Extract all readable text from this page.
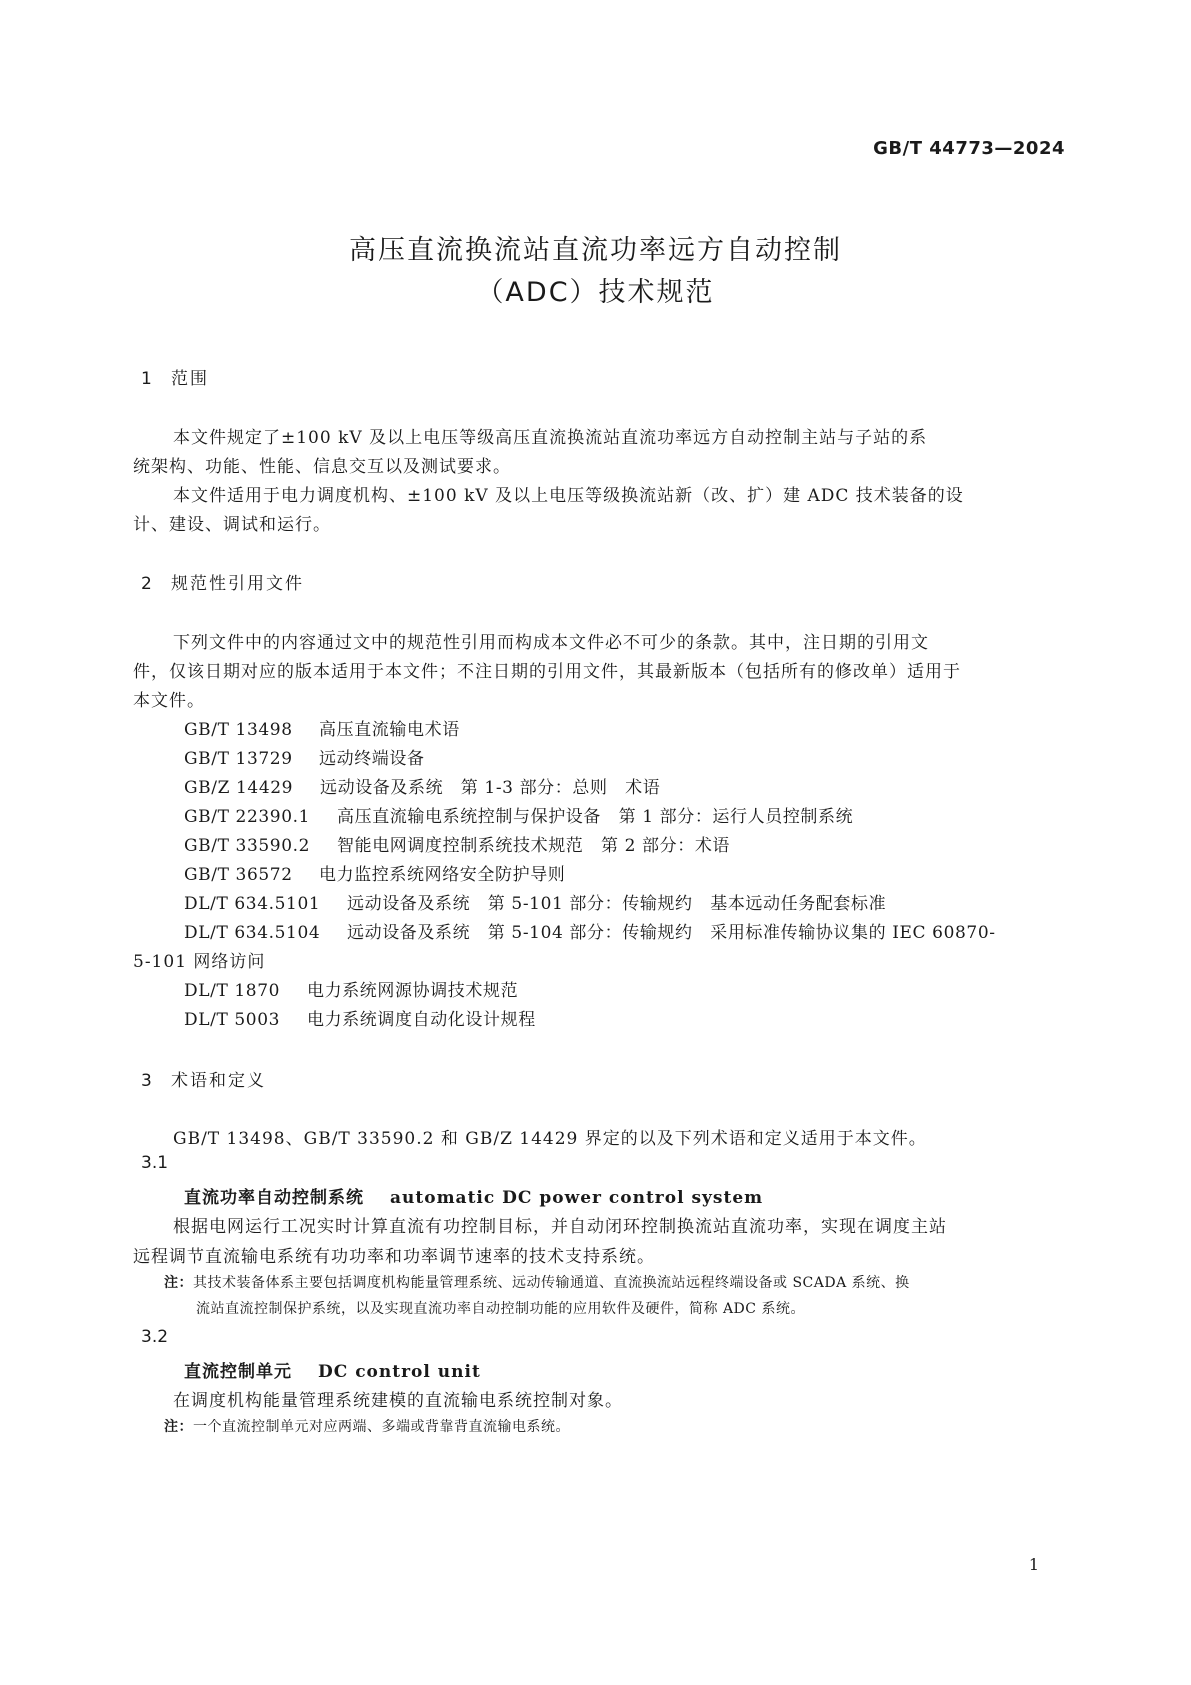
GB/T 44773—2024
高压直流换流站直流功率远方自动控制
（ADC）技术规范
1 范围
本文件规定了±100 kV 及以上电压等级高压直流换流站直流功率远方自动控制主站与子站的系
统架构、功能、性能、信息交互以及测试要求。
本文件适用于电力调度机构、±100 kV 及以上电压等级换流站新（改、扩）建 ADC 技术装备的设
计、建设、调试和运行。
2 规范性引用文件
下列文件中的内容通过文中的规范性引用而构成本文件必不可少的条款。其中，注日期的引用文
件，仅该日期对应的版本适用于本文件；不注日期的引用文件，其最新版本（包括所有的修改单）适用于
本文件。
GB/T 13498 高压直流输电术语
GB/T 13729 远动终端设备
GB/Z 14429 远动设备及系统　第 1-3 部分：总则　术语
GB/T 22390.1 高压直流输电系统控制与保护设备　第 1 部分：运行人员控制系统
GB/T 33590.2 智能电网调度控制系统技术规范　第 2 部分：术语
GB/T 36572 电力监控系统网络安全防护导则
DL/T 634.5101 远动设备及系统　第 5-101 部分：传输规约　基本远动任务配套标准
DL/T 634.5104 远动设备及系统　第 5-104 部分：传输规约　采用标准传输协议集的 IEC 60870-
5-101 网络访问
DL/T 1870 电力系统网源协调技术规范
DL/T 5003 电力系统调度自动化设计规程
3 术语和定义
GB/T 13498、GB/T 33590.2 和 GB/Z 14429 界定的以及下列术语和定义适用于本文件。
3.1
直流功率自动控制系统 automatic DC power control system
根据电网运行工况实时计算直流有功控制目标，并自动闭环控制换流站直流功率，实现在调度主站
远程调节直流输电系统有功功率和功率调节速率的技术支持系统。
注：其技术装备体系主要包括调度机构能量管理系统、远动传输通道、直流换流站远程终端设备或 SCADA 系统、换
流站直流控制保护系统，以及实现直流功率自动控制功能的应用软件及硬件，简称 ADC 系统。
3.2
直流控制单元 DC control unit
在调度机构能量管理系统建模的直流输电系统控制对象。
注：一个直流控制单元对应两端、多端或背靠背直流输电系统。
1
